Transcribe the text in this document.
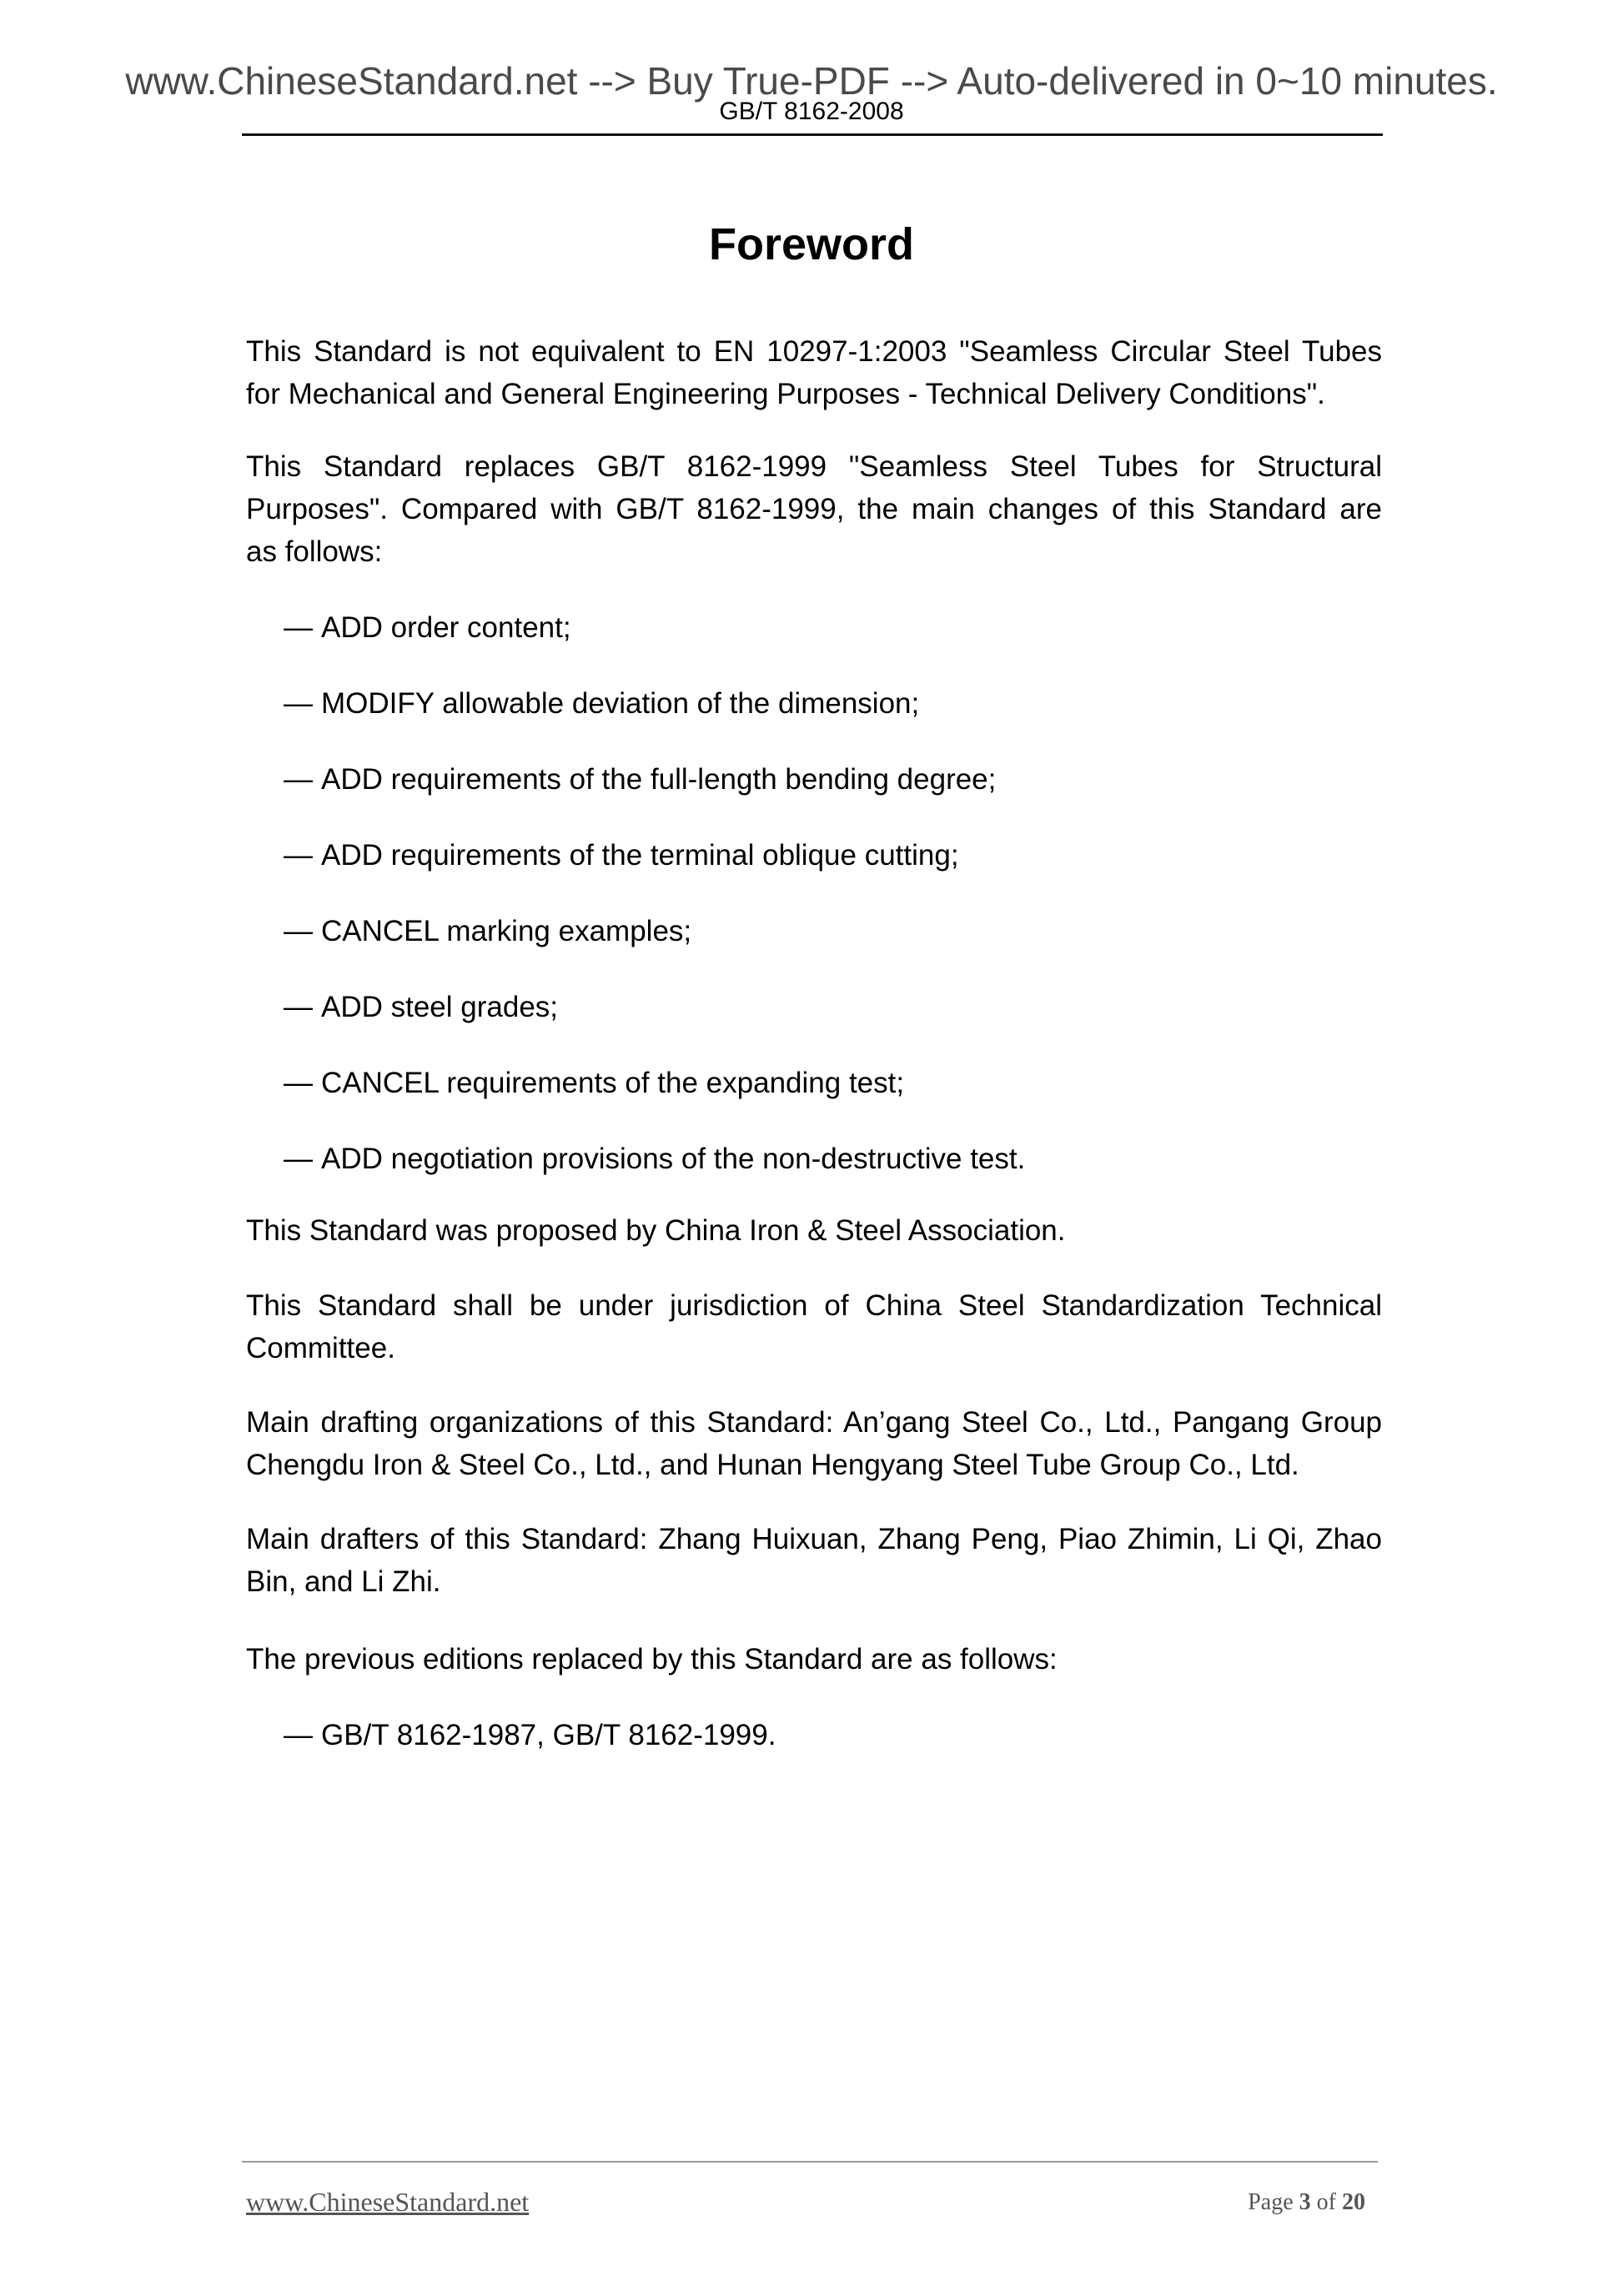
www.ChineseStandard.net --> Buy True-PDF --> Auto-delivered in 0~10 minutes.
GB/T 8162-2008
Foreword
This Standard is not equivalent to EN 10297-1:2003 "Seamless Circular Steel Tubes
for Mechanical and General Engineering Purposes - Technical Delivery Conditions".
This Standard replaces GB/T 8162-1999 "Seamless Steel Tubes for Structural
Purposes". Compared with GB/T 8162-1999, the main changes of this Standard are
as follows:
— ADD order content;
— MODIFY allowable deviation of the dimension;
— ADD requirements of the full-length bending degree;
— ADD requirements of the terminal oblique cutting;
— CANCEL marking examples;
— ADD steel grades;
— CANCEL requirements of the expanding test;
— ADD negotiation provisions of the non-destructive test.
This Standard was proposed by China Iron & Steel Association.
This Standard shall be under jurisdiction of China Steel Standardization Technical
Committee.
Main drafting organizations of this Standard: An’gang Steel Co., Ltd., Pangang Group
Chengdu Iron & Steel Co., Ltd., and Hunan Hengyang Steel Tube Group Co., Ltd.
Main drafters of this Standard: Zhang Huixuan, Zhang Peng, Piao Zhimin, Li Qi, Zhao
Bin, and Li Zhi.
The previous editions replaced by this Standard are as follows:
— GB/T 8162-1987, GB/T 8162-1999.
www.ChineseStandard.net	Page 3 of 20
